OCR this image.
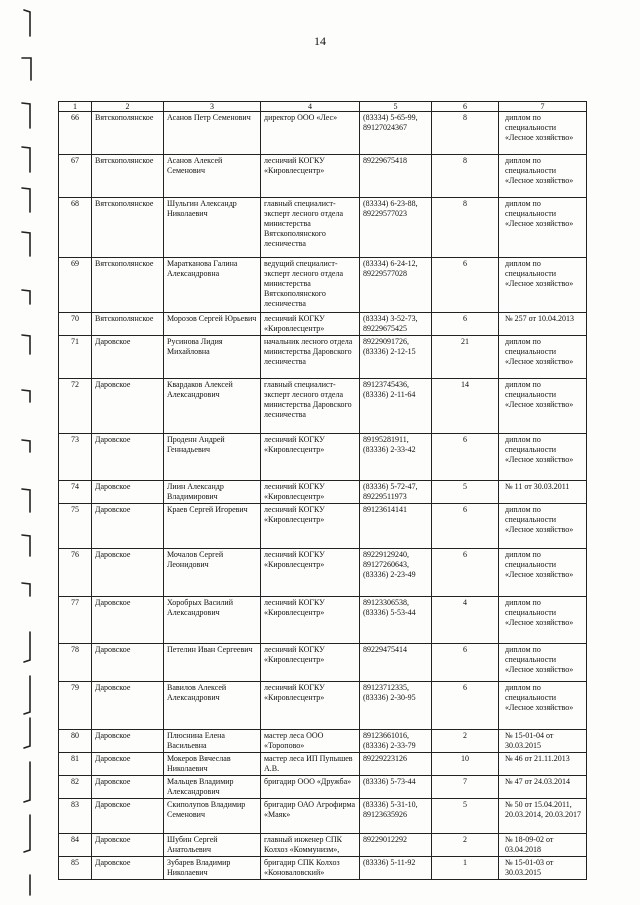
14
1	2	3	4	5	6	7
66	Вятскополянское	Асанов Петр Семенович	директор ООО «Лес»	(83334) 5-65-99, 89127024367	8	диплом по специальности «Лесное хозяйство»
67	Вятскополянское	Асанов Алексей Семенович	лесничий КОГКУ «Кировлесцентр»	89229675418	8	диплом по специальности «Лесное хозяйство»
68	Вятскополянское	Шульгин Александр Николаевич	главный специалист-эксперт лесного отдела министерства Вятскополянского лесничества	(83334) 6-23-88, 89229577023	8	диплом по специальности «Лесное хозяйство»
69	Вятскополянское	Маратканова Галина Александровна	ведущий специалист-эксперт лесного отдела министерства Вятскополянского лесничества	(83334) 6-24-12, 89229577028	6	диплом по специальности «Лесное хозяйство»
70	Вятскополянское	Морозов Сергей Юрьевич	лесничий КОГКУ «Кировлесцентр»	(83334) 3-52-73, 89229675425	6	№ 257 от 10.04.2013
71	Даровское	Русинова Лидия Михайловна	начальник лесного отдела министерства Даровского лесничества	89229091726, (83336) 2-12-15	21	диплом по специальности «Лесное хозяйство»
72	Даровское	Квардаков Алексей Александрович	главный специалист-эксперт лесного отдела министерства Даровского лесничества	89123745436, (83336) 2-11-64	14	диплом по специальности «Лесное хозяйство»
73	Даровское	Проденн Андрей Геннадьевич	лесничий КОГКУ «Кировлесцентр»	89195281911, (83336) 2-33-42	6	диплом по специальности «Лесное хозяйство»
74	Даровское	Лиин Александр Владимирович	лесничий КОГКУ «Кировлесцентр»	(83336) 5-72-47, 89229511973	5	№ 11 от 30.03.2011
75	Даровское	Краев Сергей Игоревич	лесничий КОГКУ «Кировлесцентр»	89123614141	6	диплом по специальности «Лесное хозяйство»
76	Даровское	Мочалов Сергей Леонидович	лесничий КОГКУ «Кировлесцентр»	89229129240, 89127260643, (83336) 2-23-49	6	диплом по специальности «Лесное хозяйство»
77	Даровское	Хоробрых Василий Александрович	лесничий КОГКУ «Кировлесцентр»	89123306538, (83336) 5-53-44	4	диплом по специальности «Лесное хозяйство»
78	Даровское	Петелин Иван Сергеевич	лесничий КОГКУ «Кировлесцентр»	89229475414	6	диплом по специальности «Лесное хозяйство»
79	Даровское	Вавилов Алексей Александрович	лесничий КОГКУ «Кировлесцентр»	89123712335, (83336) 2-30-95	6	диплом по специальности «Лесное хозяйство»
80	Даровское	Плюснина Елена Васильевна	мастер леса ООО «Торопово»	89123661016, (83336) 2-33-79	2	№ 15-01-04 от 30.03.2015
81	Даровское	Мокеров Вячеслав Николаевич	мастер леса ИП Пупышев А.В.	89229223126	10	№ 46 от 21.11.2013
82	Даровское	Мальцев Владимир Александрович	бригадир ООО «Дружба»	(83336) 5-73-44	7	№ 47 от 24.03.2014
83	Даровское	Скиполупов Владимир Семенович	бригадир ОАО Агрофирма «Маяк»	(83336) 5-31-10, 89123635926	5	№ 50 от 15.04.2011, 20.03.2014, 20.03.2017
84	Даровское	Шубин Сергей Анатольевич	главный инженер СПК Колхоз «Коммунизм»,	89229012292	2	№ 18-09-02 от 03.04.2018
85	Даровское	Зубарев Владимир Николаевич	бригадир СПК Колхоз «Коноваловский»	(83336) 5-11-92	1	№ 15-01-03 от 30.03.2015
